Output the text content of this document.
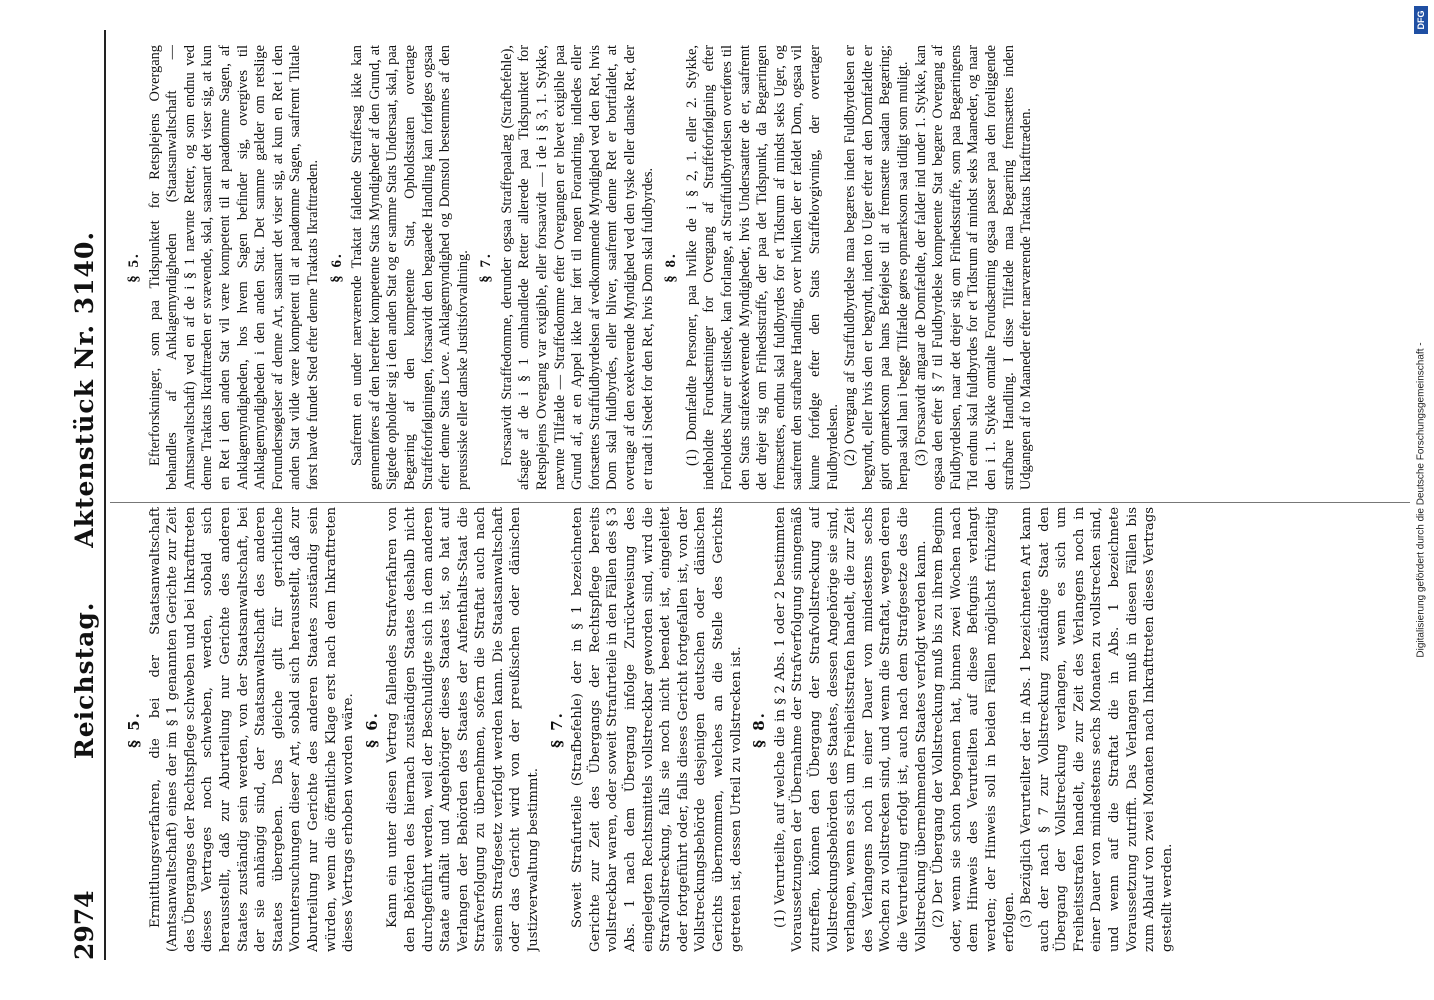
2974
Reichstag. Aktenstück Nr. 3140.
§ 5. Ermittlungsverfahren, die bei der Staatsanwaltschaft (Amtsanwaltschaft) eines der im § 1 genannten Gerichte zur Zeit des Überganges der Rechtspflege schweben und bei Inkrafttreten dieses Vertrages noch schweben, werden, sobald sich herausstellt, daß zur Aburteilung nur Gerichte des anderen Staates zuständig sein werden, von der Staatsanwaltschaft, bei der sie anhängig sind, der Staatsanwaltschaft des anderen Staates übergeben. Das gleiche gilt für gerichtliche Voruntersuchungen dieser Art, sobald sich herausstellt, daß zur Aburteilung nur Gerichte des anderen Staates zuständig sein würden, wenn die öffentliche Klage erst nach dem Inkrafttreten dieses Vertrags erhoben worden wäre. § 6. Kann ein unter diesen Vertrag fallendes Strafverfahren von den Behörden des hiernach zuständigen Staates deshalb nicht durchgeführt werden, weil der Beschuldigte sich in dem anderen Staate aufhält und Angehöriger dieses Staates ist, so hat auf Verlangen der Behörden des Staates der Aufenthalts-Staat die Strafverfolgung zu übernehmen, sofern die Straftat auch nach seinem Strafgesetz verfolgt werden kann. Die Staatsanwaltschaft oder das Gericht wird von der preußischen oder dänischen Justizverwaltung bestimmt.

§ 7. Soweit Strafurteile (Strafbefehle) der in § 1 bezeichneten Gerichte zur Zeit des Übergangs der Rechtspflege bereits vollstreckbar waren, oder soweit Strafurteile in den Fällen des § 3 Abs. 1 nach dem Übergang infolge Zurückweisung des eingelegten Rechtsmittels vollstreckbar geworden sind, wird die Strafvollstreckung, falls sie noch nicht beendet ist, eingeleitet oder fortgeführt oder, falls dieses Gericht fortgefallen ist, von der Vollstreckungsbehörde desjenigen deutschen oder dänischen Gerichts übernommen, welches an die Stelle des Gerichts getreten ist, dessen Urteil zu vollstrecken ist. § 8. (1) Verurteilte, auf welche die in § 2 Abs. 1 oder 2 bestimmten Voraussetzungen der Übernahme der Strafverfolgung sinngemäß zutreffen, können den Übergang der Strafvollstreckung auf Vollstreckungsbehörden des Staates, dessen Angehörige sie sind, verlangen, wenn es sich um Freiheitsstrafen handelt, die zur Zeit des Verlangens noch in einer Dauer von mindestens sechs Wochen zu vollstrecken sind, und wenn die Straftat, wegen deren die Verurteilung erfolgt ist, auch nach dem Strafgesetze des die Vollstreckung übernehmenden Staates verfolgt werden kann. (2) Der Übergang der Vollstreckung muß bis zu ihrem Beginn oder, wenn sie schon begonnen hat, binnen zwei Wochen nach dem Hinweis des Verurteilten auf diese Befugnis verlangt werden; der Hinweis soll in beiden Fällen möglichst frühzeitig erfolgen. (3) Bezüglich Verurteilter der in Abs. 1 bezeichneten Art kann auch der nach § 7 zur Vollstreckung zuständige Staat den Übergang der Vollstreckung verlangen, wenn es sich um Freiheitsstrafen handelt, die zur Zeit des Verlangens noch in einer Dauer von mindestens sechs Monaten zu vollstrecken sind, und wenn auf die Straftat die in Abs. 1 bezeichnete Voraussetzung zutrifft. Das Verlangen muß in diesen Fällen bis zum Ablauf von zwei Monaten nach Inkrafttreten dieses Vertrags gestellt werden.

§ 5. Efterforskninger, som paa Tidspunktet for Retsplejens Overgang behandles af Anklagemyndigheden (Staatsanwaltschaft — Amtsanwaltschaft) ved en af de i § 1 nævnte Retter, og som endnu ved denne Traktats Ikrafttræden er svævende, skal, saasnart det viser sig, at kun en Ret i den anden Stat vil være kompetent til at paadømme Sagen, af Anklagemyndigheden, hos hvem Sagen befinder sig, overgives til Anklagemyndigheden i den anden Stat. Det samme gælder om retslige Forundersøgelser af denne Art, saasnart det viser sig, at kun en Ret i den anden Stat vilde være kompetent til at paadømme Sagen, saafremt Tiltale først havde fundet Sted efter denne Traktats Ikrafttræden. § 6. Saafremt en under nærværende Traktat faldende Straffesag ikke kan gennemføres af den herefter kompetente Stats Myndigheder af den Grund, at Sigtede opholder sig i den anden Stat og er samme Stats Undersaat, skal, paa Begæring af den kompetente Stat, Opholdsstaten overtage Straffeforfølgningen, forsaavidt den begaaede Handling kan forfølges ogsaa efter denne Stats Love. Anklagemyndighed og Domstol bestemmes af den preussiske eller danske Justitsforvaltning. § 7. Forsaavidt Straffedomme, derunder ogsaa Straffepaalæg (Strafbefehle), afsagte af de i § 1 omhandlede Retter allerede paa Tidspunktet for Retsplejens Overgang var exigible, eller forsaavidt — i de i § 3, 1. Stykke, nævnte Tilfælde — Straffedomme efter Overgangen er blevet exigible paa Grund af, at en Appel ikke har ført til nogen Forandring, indledes eller fortsættes Straffuldbyrdelsen af vedkommende Myndighed ved den Ret, hvis Dom skal fuldbyrdes, eller bliver, saafremt denne Ret er bortfaldet, at overtage af den exekverende Myndighed ved den tyske eller danske Ret, der er traadt i Stedet for den Ret, hvis Dom skal fuldbyrdes. § 8. (1) Domfældte Personer, paa hvilke de i § 2, 1. eller 2. Stykke, indeholdte Forudsætninger for Overgang af Straffeforfølgning efter Forholdets Natur er tilstede, kan forlange, at Straffuldbyrdelsen overføres til den Stats strafexekverende Myndigheder, hvis Undersaatter de er, saafremt det drejer sig om Frihedsstraffe, der paa det Tidspunkt, da Begæringen fremsættes, endnu skal fuldbyrdes for et Tidsrum af mindst seks Uger, og saafremt den strafbare Handling, over hvilken der er fældet Dom, ogsaa vil kunne forfølge efter den Stats Straffelovgivning, der overtager Fuldbyrdelsen. (2) Overgang af Straffuldbyrdelse maa begæres inden Fuldbyrdelsen er begyndt, eller hvis den er begyndt, inden to Uger efter at den Domfældte er gjort opmærksom paa hans Beføjelse til at fremsætte saadan Begæring; herpaa skal han i begge Tilfælde gøres opmærksom saa tidligt som muligt. (3) Forsaavidt angaar de Domfældte, der falder ind under 1. Stykke, kan ogsaa den efter § 7 til Fuldbyrdelse kompetente Stat begære Overgang af Fuldbyrdelsen, naar det drejer sig om Frihedsstraffe, som paa Begæringens Tid endnu skal fuldbyrdes for et Tidsrum af mindst seks Maaneder, og naar den i 1. Stykke omtalte Forudsætning ogsaa passer paa den foreliggende strafbare Handling. I disse Tilfælde maa Begæring fremsættes inden Udgangen af to Maaneder efter nærværende Traktats Ikrafttræden.

Digitalisierung gefördert durch die Deutsche Forschungsgemeinschaft -
DFG
